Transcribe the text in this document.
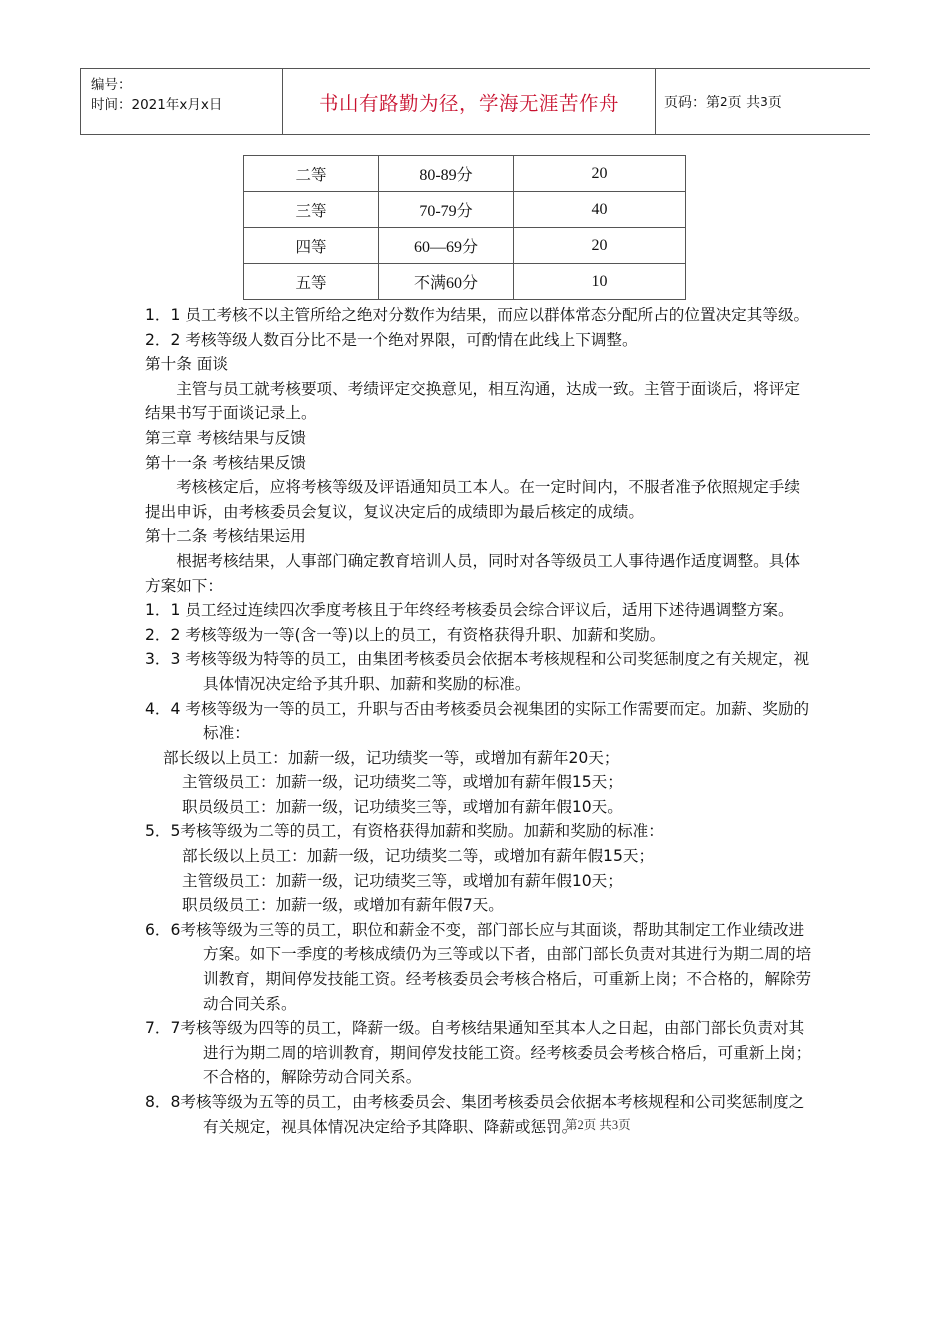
编号：
时间：2021年x月x日	书山有路勤为径，学海无涯苦作舟	页码：第 2 页 共 3 页
二等	80-89分	20
三等	70-79分	40
四等	60—69分	20
五等	不满60分	10

1．1 员工考核不以主管所给之绝对分数作为结果，而应以群体常态分配所占的位置决定其等级。

2．2 考核等级人数百分比不是一个绝对界限，可酌情在此线上下调整。

第十条 面谈

主管与员工就考核要项、考绩评定交换意见，相互沟通，达成一致。主管于面谈后，将评定结果书写于面谈记录上。

第三章 考核结果与反馈

第十一条 考核结果反馈

考核核定后，应将考核等级及评语通知员工本人。在一定时间内，不服者准予依照规定手续提出申诉，由考核委员会复议，复议决定后的成绩即为最后核定的成绩。

第十二条 考核结果运用

根据考核结果，人事部门确定教育培训人员，同时对各等级员工人事待遇作适度调整。具体方案如下：

1．1 员工经过连续四次季度考核且于年终经考核委员会综合评议后，适用下述待遇调整方案。

2．2 考核等级为一等(含一等)以上的员工，有资格获得升职、加薪和奖励。

3．3 考核等级为特等的员工，由集团考核委员会依据本考核规程和公司奖惩制度之有关规定，视具体情况决定给予其升职、加薪和奖励的标准。

4．4 考核等级为一等的员工，升职与否由考核委员会视集团的实际工作需要而定。加薪、奖励的标准：

部长级以上员工：加薪一级，记功绩奖一等，或增加有薪年20天；

主管级员工：加薪一级，记功绩奖二等，或增加有薪年假15天；

职员级员工：加薪一级，记功绩奖三等，或增加有薪年假10天。

5．5考核等级为二等的员工，有资格获得加薪和奖励。加薪和奖励的标准：

部长级以上员工：加薪一级，记功绩奖二等，或增加有薪年假15天；

主管级员工：加薪一级，记功绩奖三等，或增加有薪年假10天；

职员级员工：加薪一级，或增加有薪年假7天。

6．6考核等级为三等的员工，职位和薪金不变，部门部长应与其面谈，帮助其制定工作业绩改进方案。如下一季度的考核成绩仍为三等或以下者，由部门部长负责对其进行为期二周的培训教育，期间停发技能工资。经考核委员会考核合格后，可重新上岗；不合格的，解除劳动合同关系。

7．7考核等级为四等的员工，降薪一级。自考核结果通知至其本人之日起，由部门部长负责对其进行为期二周的培训教育，期间停发技能工资。经考核委员会考核合格后，可重新上岗；不合格的，解除劳动合同关系。

8．8考核等级为五等的员工，由考核委员会、集团考核委员会依据本考核规程和公司奖惩制度之有关规定，视具体情况决定给予其降职、降薪或惩罚。

第2页 共3页
